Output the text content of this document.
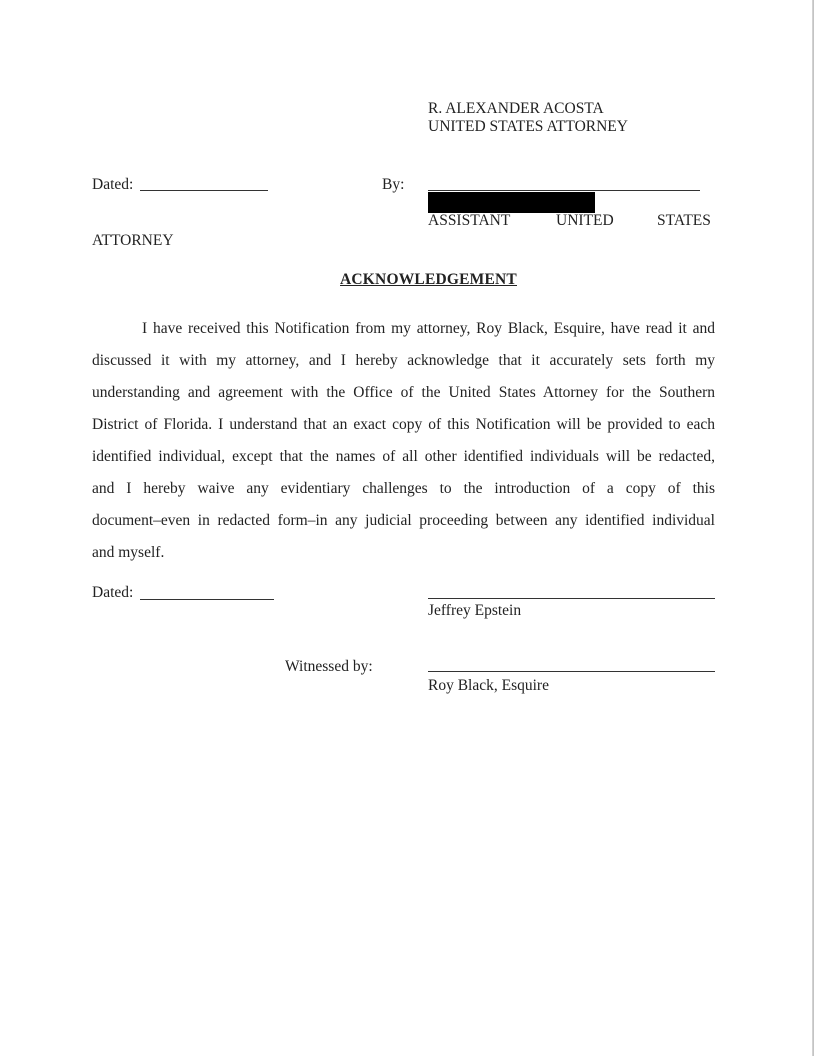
R. ALEXANDER ACOSTA
UNITED STATES ATTORNEY
Dated:	By:
ASSISTANT	UNITED	STATES
ATTORNEY
ACKNOWLEDGEMENT
I have received this Notification from my attorney, Roy Black, Esquire, have read it and
discussed it with my attorney, and I hereby acknowledge that it accurately sets forth my
understanding and agreement with the Office of the United States Attorney for the Southern
District of Florida. I understand that an exact copy of this Notification will be provided to each
identified individual, except that the names of all other identified individuals will be redacted,
and I hereby waive any evidentiary challenges to the introduction of a copy of this
document–even in redacted form–in any judicial proceeding between any identified individual
and myself.
Dated:
Jeffrey Epstein
Witnessed by:
Roy Black, Esquire
